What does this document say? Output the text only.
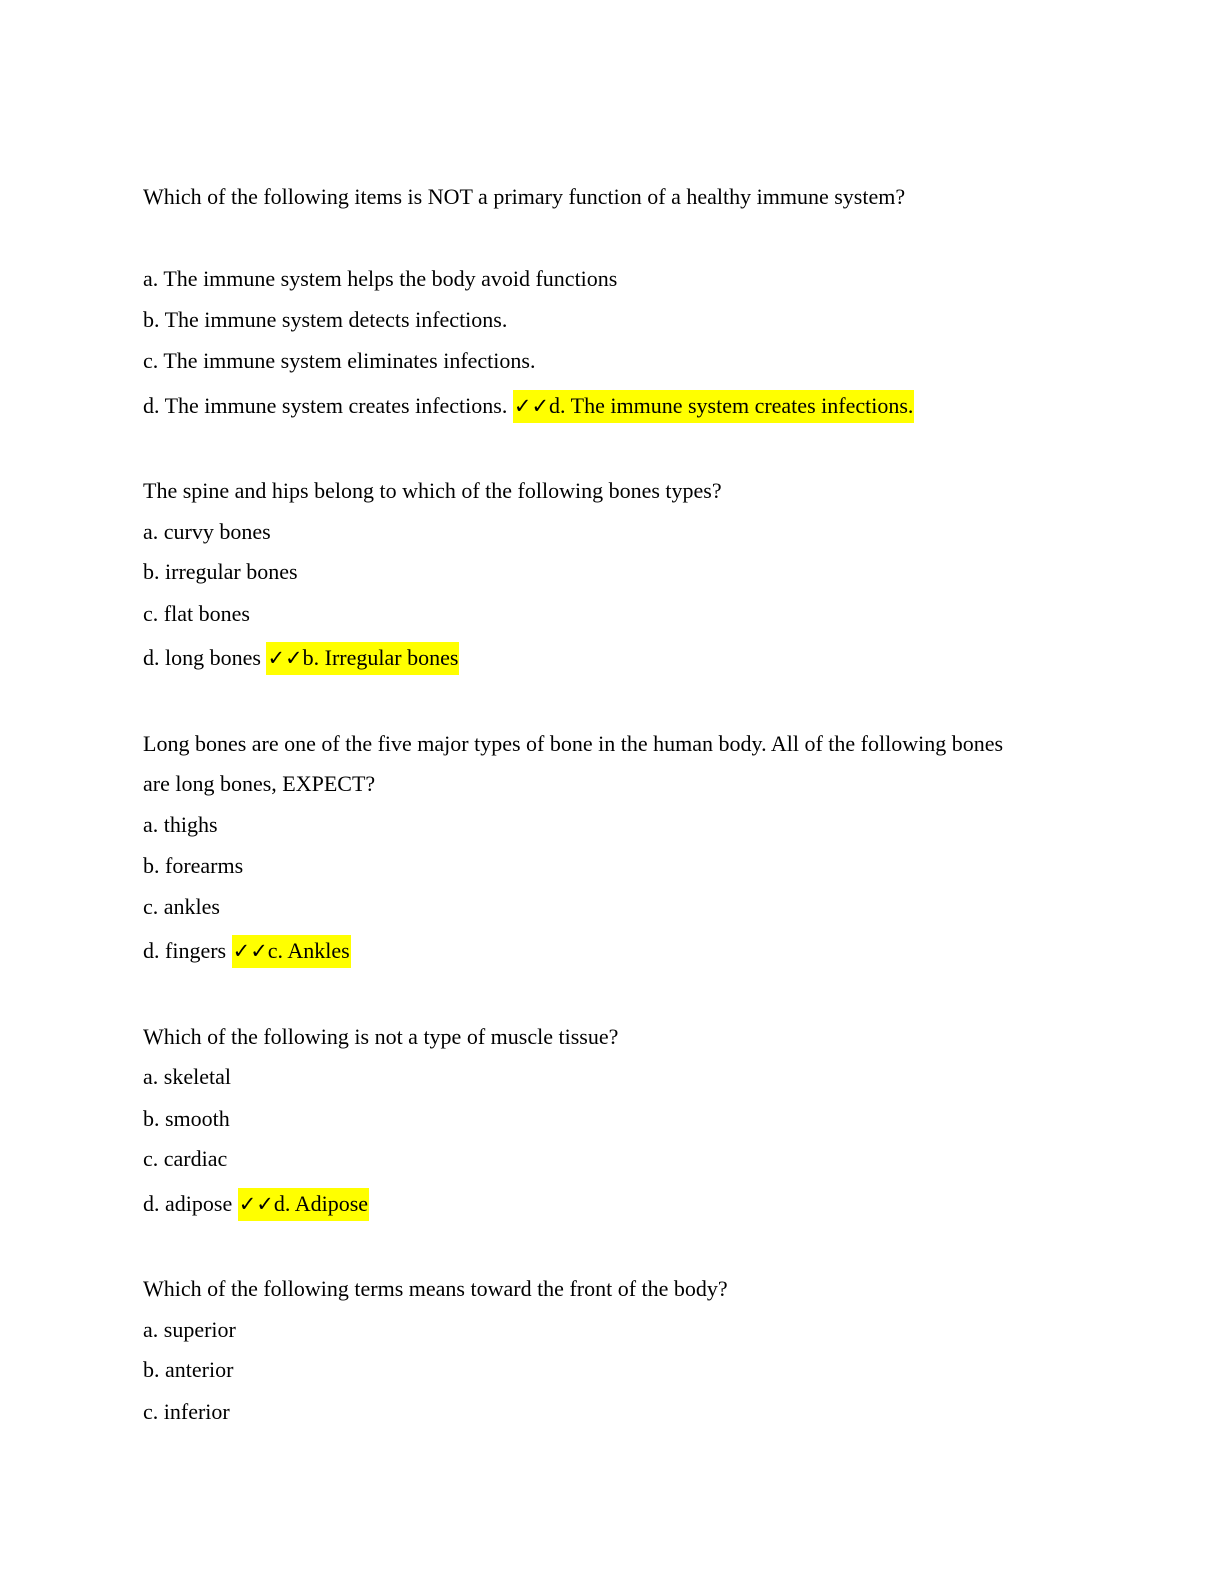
Which of the following items is NOT a primary function of a healthy immune system?
a. The immune system helps the body avoid functions
b. The immune system detects infections.
c. The immune system eliminates infections.
d. The immune system creates infections. ✓✓d. The immune system creates infections.
The spine and hips belong to which of the following bones types?
a. curvy bones
b. irregular bones
c. flat bones
d. long bones ✓✓b. Irregular bones
Long bones are one of the five major types of bone in the human body. All of the following bones
are long bones, EXPECT?
a. thighs
b. forearms
c. ankles
d. fingers ✓✓c. Ankles
Which of the following is not a type of muscle tissue?
a. skeletal
b. smooth
c. cardiac
d. adipose ✓✓d. Adipose
Which of the following terms means toward the front of the body?
a. superior
b. anterior
c. inferior
